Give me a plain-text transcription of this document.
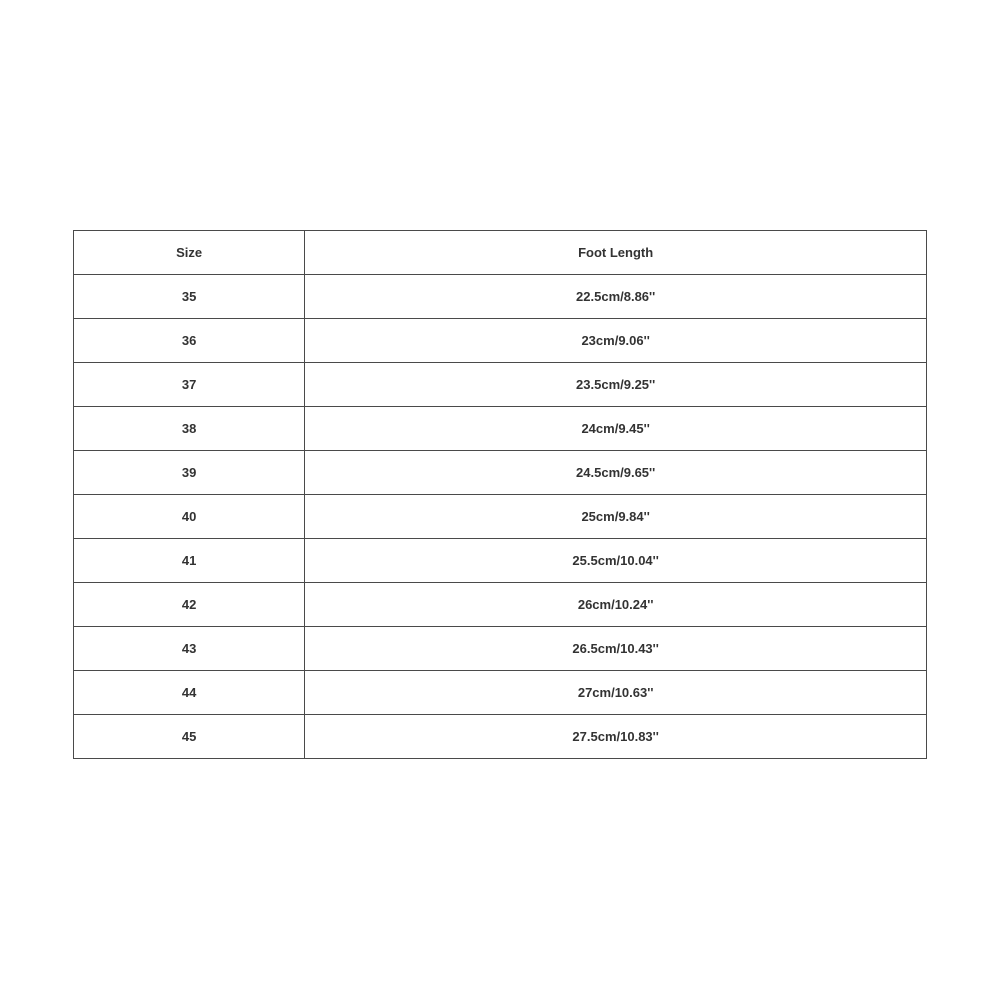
Size	Foot Length
35	22.5cm/8.86''
36	23cm/9.06''
37	23.5cm/9.25''
38	24cm/9.45''
39	24.5cm/9.65''
40	25cm/9.84''
41	25.5cm/10.04''
42	26cm/10.24''
43	26.5cm/10.43''
44	27cm/10.63''
45	27.5cm/10.83''
